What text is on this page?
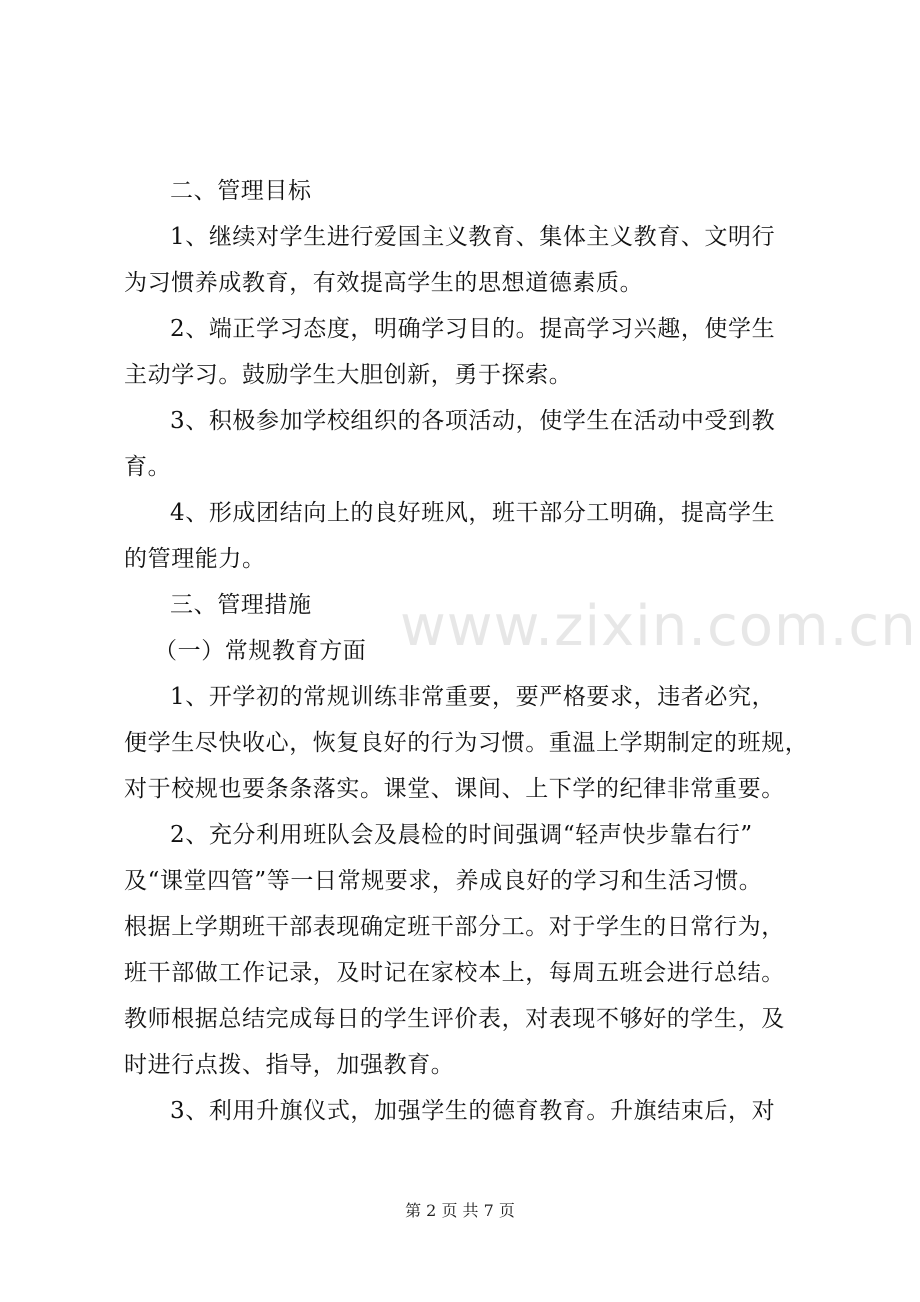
二、管理目标
1、继续对学生进行爱国主义教育、集体主义教育、文明行
为习惯养成教育，有效提高学生的思想道德素质。
2、端正学习态度，明确学习目的。提高学习兴趣，使学生
主动学习。鼓励学生大胆创新，勇于探索。
3、积极参加学校组织的各项活动，使学生在活动中受到教
育。
4、形成团结向上的良好班风，班干部分工明确，提高学生
的管理能力。
三、管理措施
（一）常规教育方面
1、开学初的常规训练非常重要，要严格要求，违者必究，
便学生尽快收心，恢复良好的行为习惯。重温上学期制定的班规，
对于校规也要条条落实。课堂、课间、上下学的纪律非常重要。
2、充分利用班队会及晨检的时间强调“轻声快步靠右行”
及“课堂四管”等一日常规要求，养成良好的学习和生活习惯。
根据上学期班干部表现确定班干部分工。对于学生的日常行为，
班干部做工作记录，及时记在家校本上，每周五班会进行总结。
教师根据总结完成每日的学生评价表，对表现不够好的学生，及
时进行点拨、指导，加强教育。
3、利用升旗仪式，加强学生的德育教育。升旗结束后，对
www.zixin.com.cn
第 2 页 共 7 页
